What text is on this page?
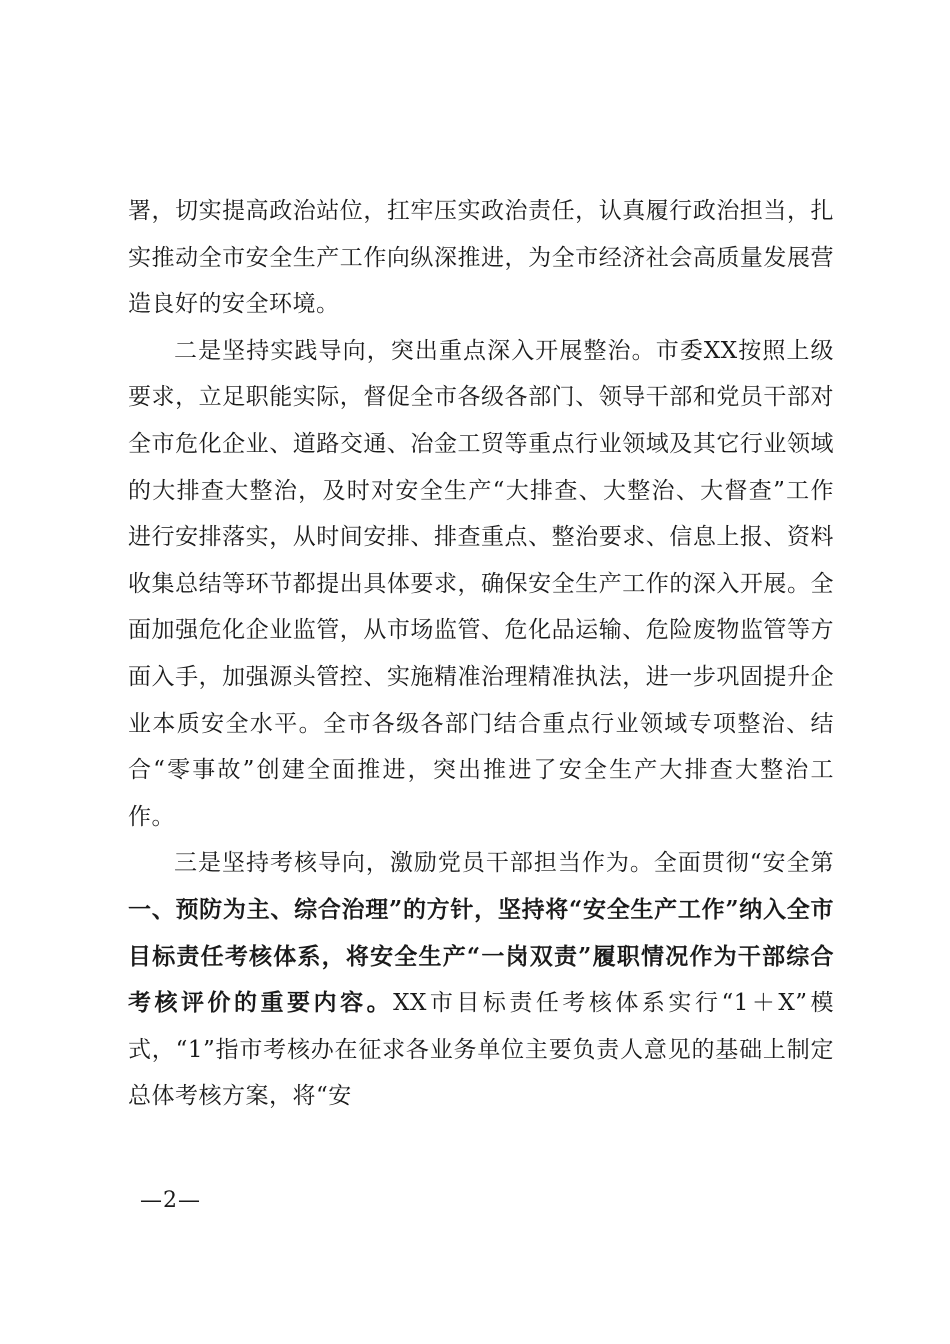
署，切实提高政治站位，扛牢压实政治责任，认真履行政治担当，扎实推动全市安全生产工作向纵深推进，为全市经济社会高质量发展营造良好的安全环境。

二是坚持实践导向，突出重点深入开展整治。市委XX按照上级要求，立足职能实际，督促全市各级各部门、领导干部和党员干部对全市危化企业、道路交通、冶金工贸等重点行业领域及其它行业领域的大排查大整治，及时对安全生产“大排查、大整治、大督查”工作进行安排落实，从时间安排、排查重点、整治要求、信息上报、资料收集总结等环节都提出具体要求，确保安全生产工作的深入开展。全面加强危化企业监管，从市场监管、危化品运输、危险废物监管等方面入手，加强源头管控、实施精准治理精准执法，进一步巩固提升企业本质安全水平。全市各级各部门结合重点行业领域专项整治、结合“零事故”创建全面推进，突出推进了安全生产大排查大整治工作。

三是坚持考核导向，激励党员干部担当作为。全面贯彻“安全第一、预防为主、综合治理”的方针，坚持将“安全生产工作”纳入全市目标责任考核体系，将安全生产“一岗双责”履职情况作为干部综合考核评价的重要内容。XX市目标责任考核体系实行“1＋X”模式，“1”指市考核办在征求各业务单位主要负责人意见的基础上制定总体考核方案，将“安

—2—
